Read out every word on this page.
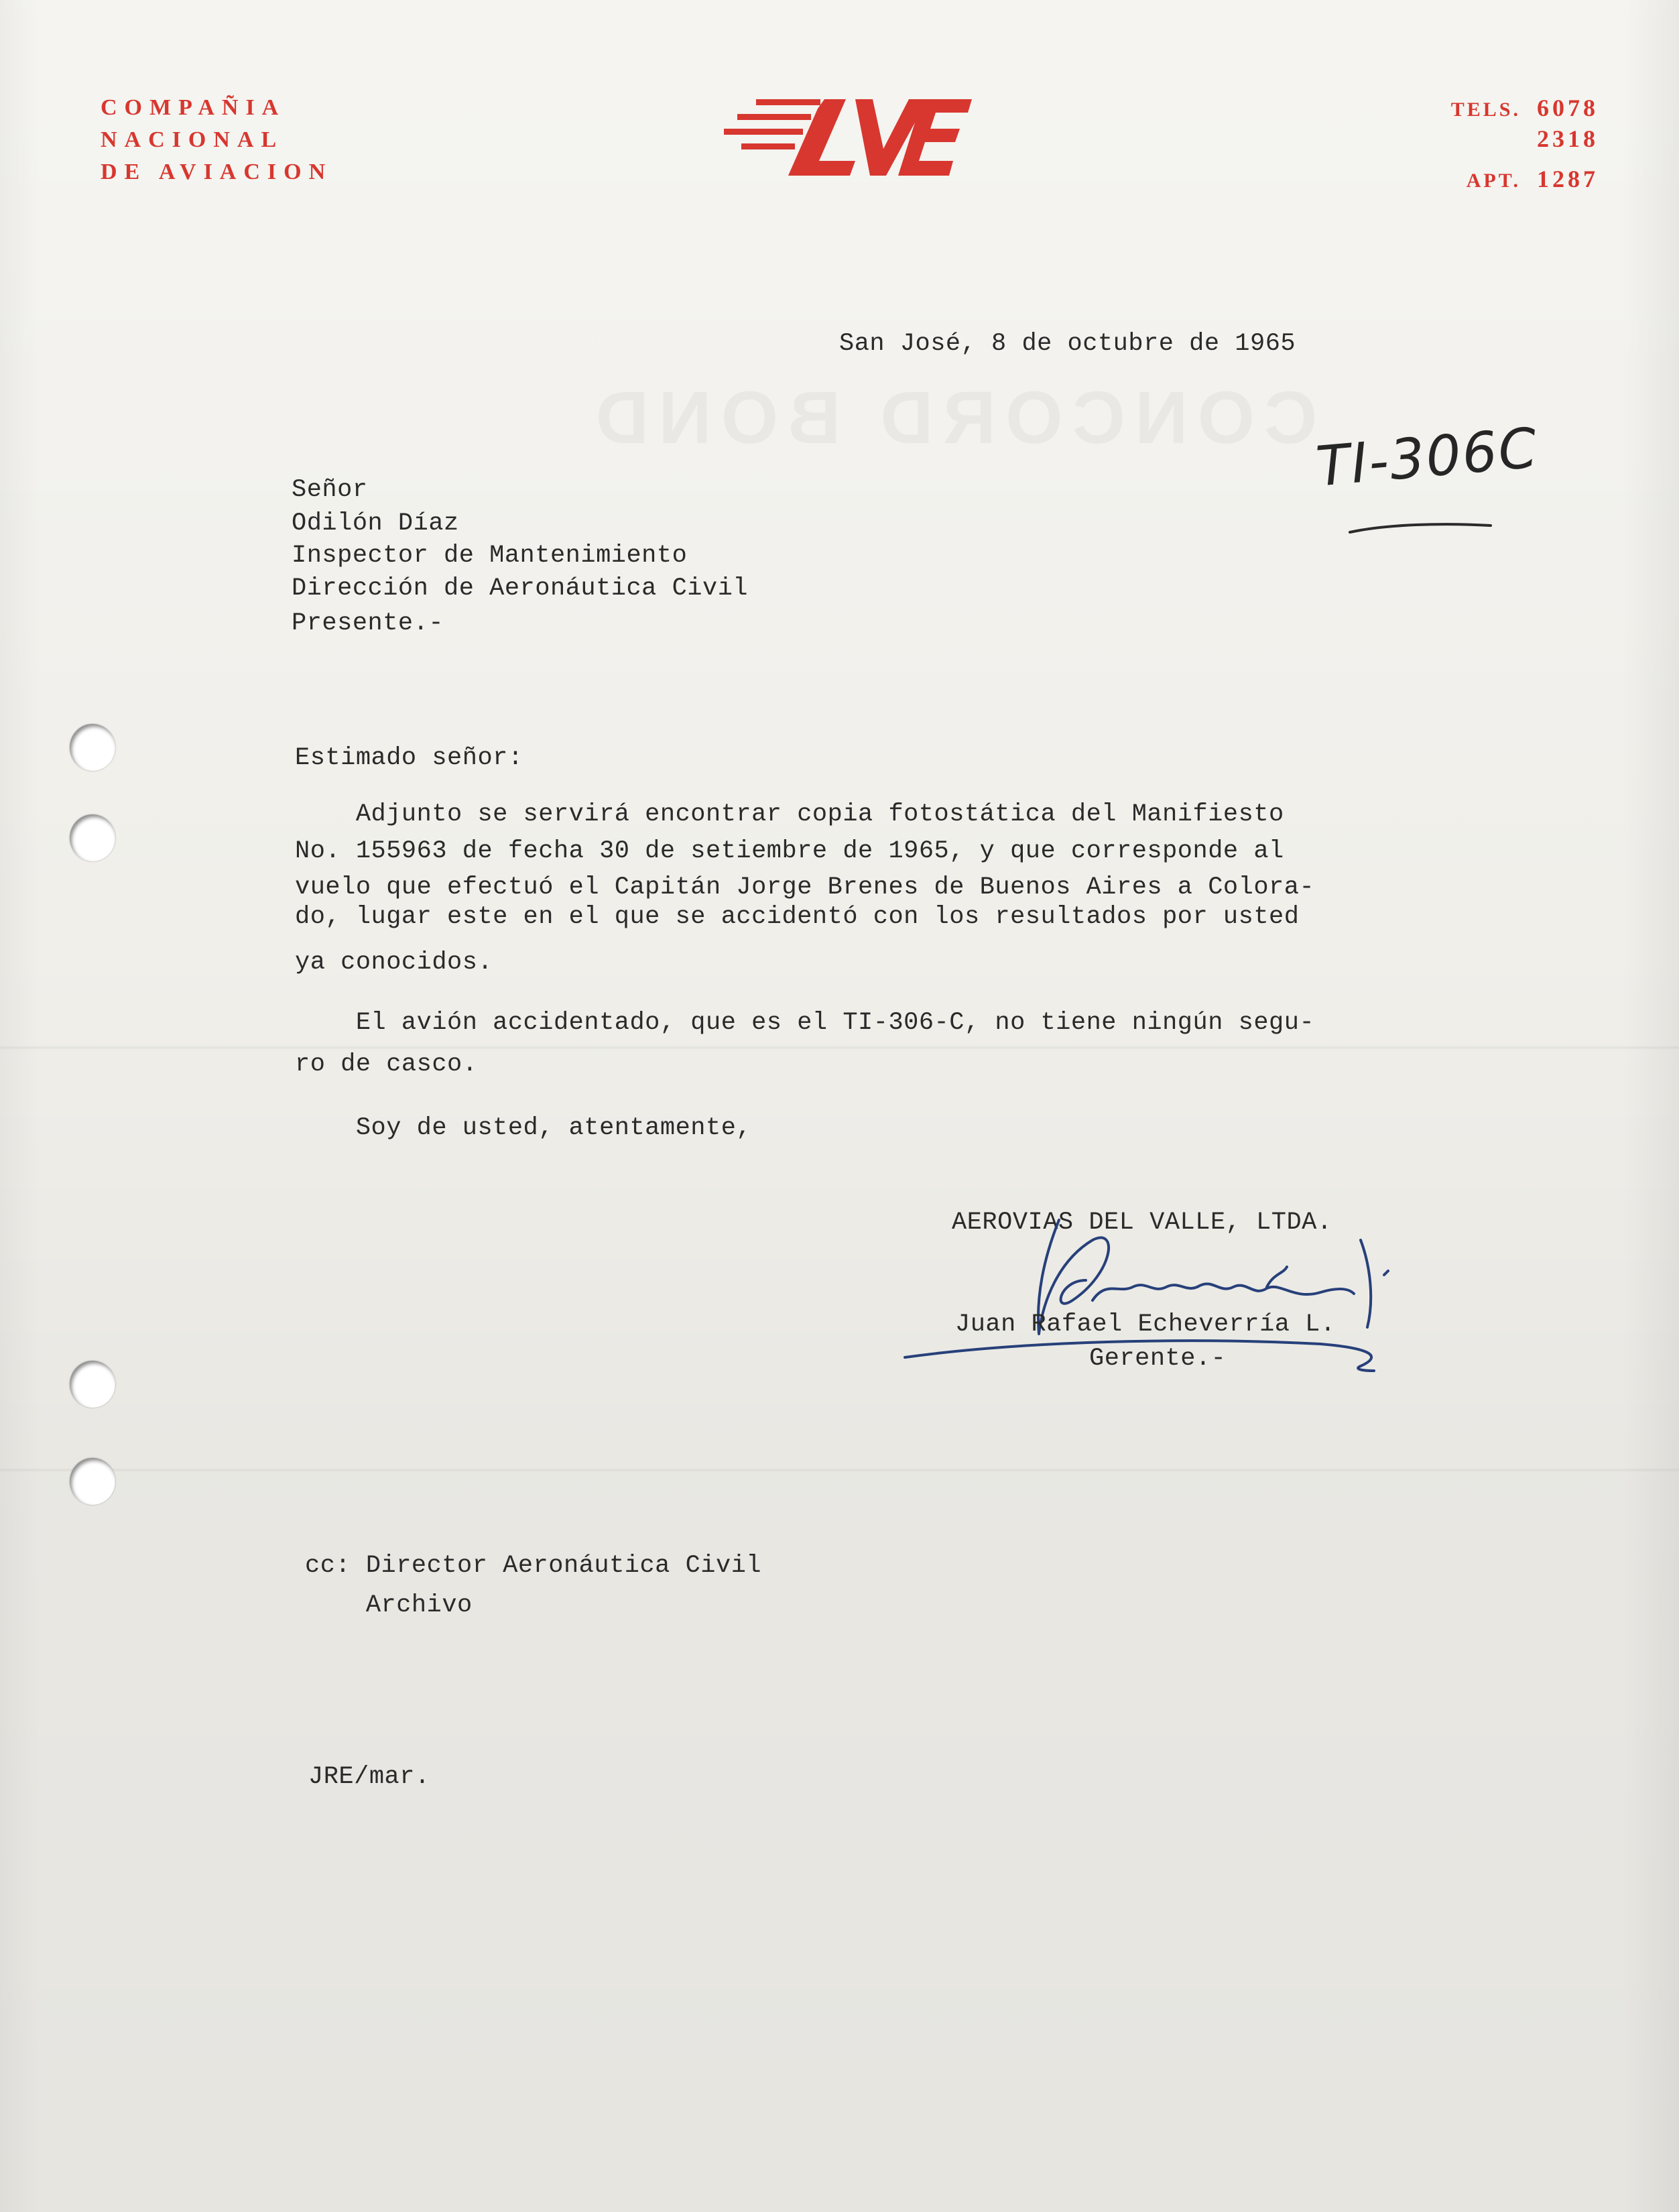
COMPAÑIA
NACIONAL
DE AVIACION
TELS. 6078
2318
APT. 1287
San José, 8 de octubre de 1965
TI-306C
Señor
Odilón Díaz
Inspector de Mantenimiento
Dirección de Aeronáutica Civil
Presente.-
Estimado señor:
Adjunto se servirá encontrar copia fotostática del Manifiesto
No. 155963 de fecha 30 de setiembre de 1965, y que corresponde al
vuelo que efectuó el Capitán Jorge Brenes de Buenos Aires a Colora-
do, lugar este en el que se accidentó con los resultados por usted
ya conocidos.
El avión accidentado, que es el TI-306-C, no tiene ningún segu-
ro de casco.
Soy de usted, atentamente,
AEROVIAS DEL VALLE, LTDA.
Juan Rafael Echeverría L.
Gerente.-
cc: Director Aeronáutica Civil
Archivo
JRE/mar.
